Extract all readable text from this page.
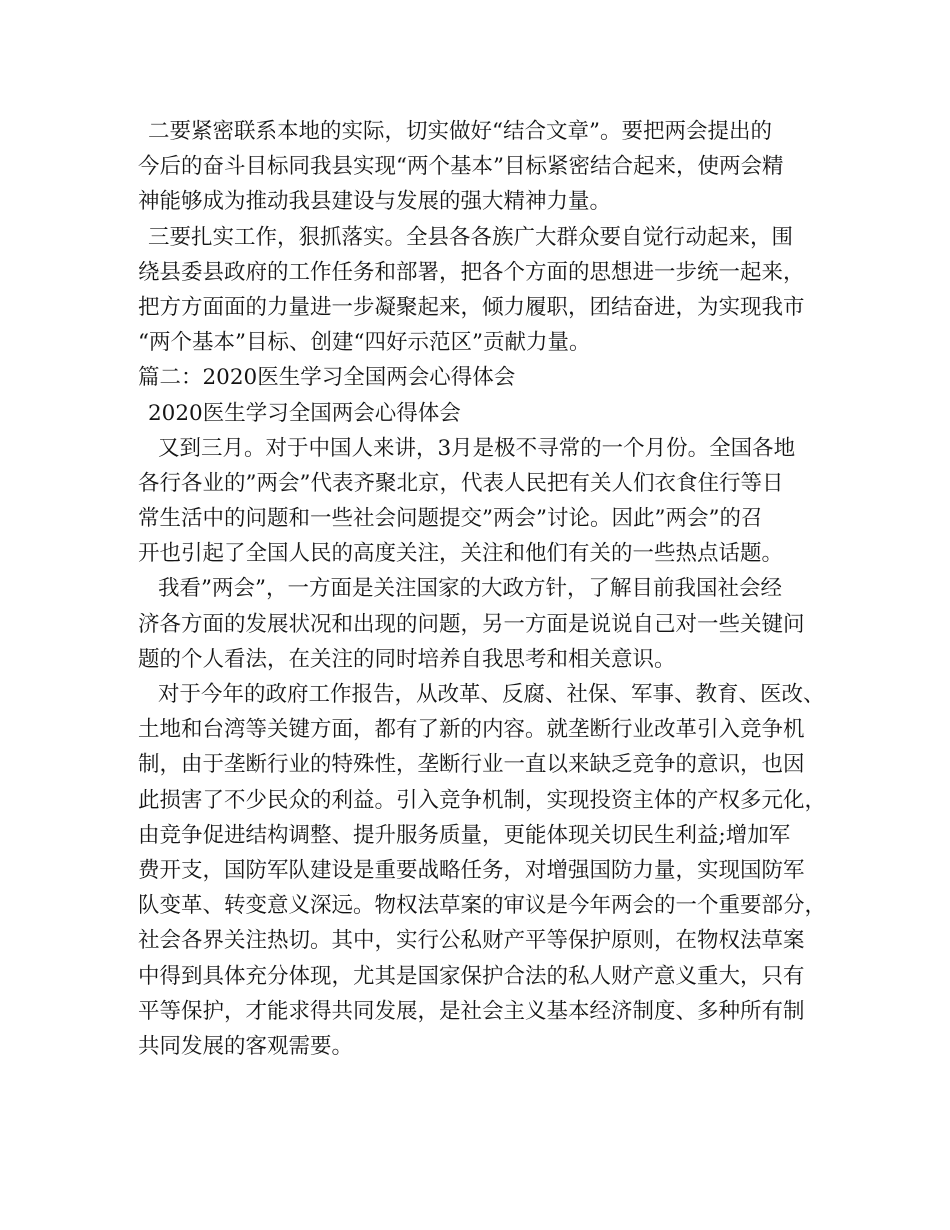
二要紧密联系本地的实际，切实做好“结合文章”。要把两会提出的
今后的奋斗目标同我县实现“两个基本”目标紧密结合起来，使两会精
神能够成为推动我县建设与发展的强大精神力量。
三要扎实工作，狠抓落实。全县各各族广大群众要自觉行动起来，围
绕县委县政府的工作任务和部署，把各个方面的思想进一步统一起来，
把方方面面的力量进一步凝聚起来，倾力履职，团结奋进，为实现我市
“两个基本”目标、创建“四好示范区”贡献力量。
篇二：2020医生学习全国两会心得体会
2020医生学习全国两会心得体会
又到三月。对于中国人来讲，3月是极不寻常的一个月份。全国各地
各行各业的”两会”代表齐聚北京，代表人民把有关人们衣食住行等日
常生活中的问题和一些社会问题提交”两会”讨论。因此”两会”的召
开也引起了全国人民的高度关注，关注和他们有关的一些热点话题。
我看”两会”，一方面是关注国家的大政方针，了解目前我国社会经
济各方面的发展状况和出现的问题，另一方面是说说自己对一些关键问
题的个人看法，在关注的同时培养自我思考和相关意识。
对于今年的政府工作报告，从改革、反腐、社保、军事、教育、医改、
土地和台湾等关键方面，都有了新的内容。就垄断行业改革引入竞争机
制，由于垄断行业的特殊性，垄断行业一直以来缺乏竞争的意识，也因
此损害了不少民众的利益。引入竞争机制，实现投资主体的产权多元化，
由竞争促进结构调整、提升服务质量，更能体现关切民生利益;增加军
费开支，国防军队建设是重要战略任务，对增强国防力量，实现国防军
队变革、转变意义深远。物权法草案的审议是今年两会的一个重要部分，
社会各界关注热切。其中，实行公私财产平等保护原则，在物权法草案
中得到具体充分体现，尤其是国家保护合法的私人财产意义重大，只有
平等保护，才能求得共同发展，是社会主义基本经济制度、多种所有制
共同发展的客观需要。
